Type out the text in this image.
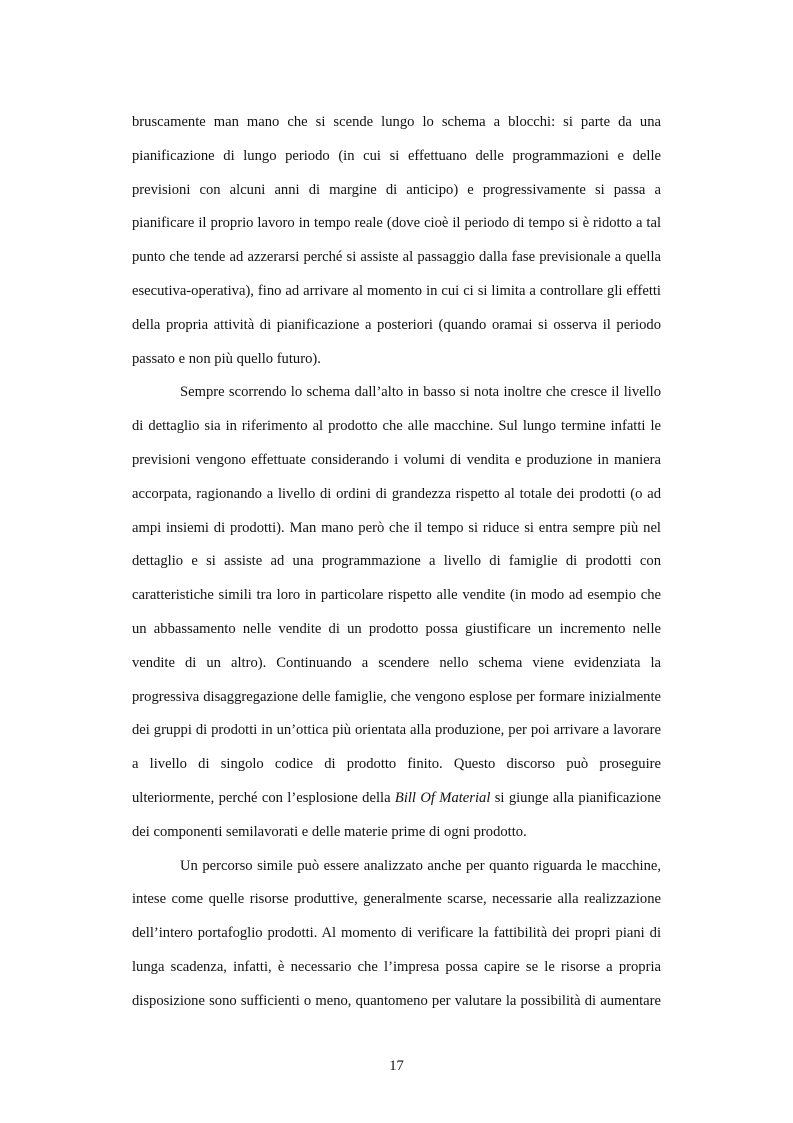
bruscamente man mano che si scende lungo lo schema a blocchi: si parte da una
pianificazione di lungo periodo (in cui si effettuano delle programmazioni e delle
previsioni con alcuni anni di margine di anticipo) e progressivamente si passa a
pianificare il proprio lavoro in tempo reale (dove cioè il periodo di tempo si è ridotto a tal
punto che tende ad azzerarsi perché si assiste al passaggio dalla fase previsionale a quella
esecutiva-operativa), fino ad arrivare al momento in cui ci si limita a controllare gli effetti
della propria attività di pianificazione a posteriori (quando oramai si osserva il periodo
passato e non più quello futuro).
Sempre scorrendo lo schema dall’alto in basso si nota inoltre che cresce il livello
di dettaglio sia in riferimento al prodotto che alle macchine. Sul lungo termine infatti le
previsioni vengono effettuate considerando i volumi di vendita e produzione in maniera
accorpata, ragionando a livello di ordini di grandezza rispetto al totale dei prodotti (o ad
ampi insiemi di prodotti). Man mano però che il tempo si riduce si entra sempre più nel
dettaglio e si assiste ad una programmazione a livello di famiglie di prodotti con
caratteristiche simili tra loro in particolare rispetto alle vendite (in modo ad esempio che
un abbassamento nelle vendite di un prodotto possa giustificare un incremento nelle
vendite di un altro). Continuando a scendere nello schema viene evidenziata la
progressiva disaggregazione delle famiglie, che vengono esplose per formare inizialmente
dei gruppi di prodotti in un’ottica più orientata alla produzione, per poi arrivare a lavorare
a livello di singolo codice di prodotto finito. Questo discorso può proseguire
ulteriormente, perché con l’esplosione della Bill Of Material si giunge alla pianificazione
dei componenti semilavorati e delle materie prime di ogni prodotto.
Un percorso simile può essere analizzato anche per quanto riguarda le macchine,
intese come quelle risorse produttive, generalmente scarse, necessarie alla realizzazione
dell’intero portafoglio prodotti. Al momento di verificare la fattibilità dei propri piani di
lunga scadenza, infatti, è necessario che l’impresa possa capire se le risorse a propria
disposizione sono sufficienti o meno, quantomeno per valutare la possibilità di aumentare
17
